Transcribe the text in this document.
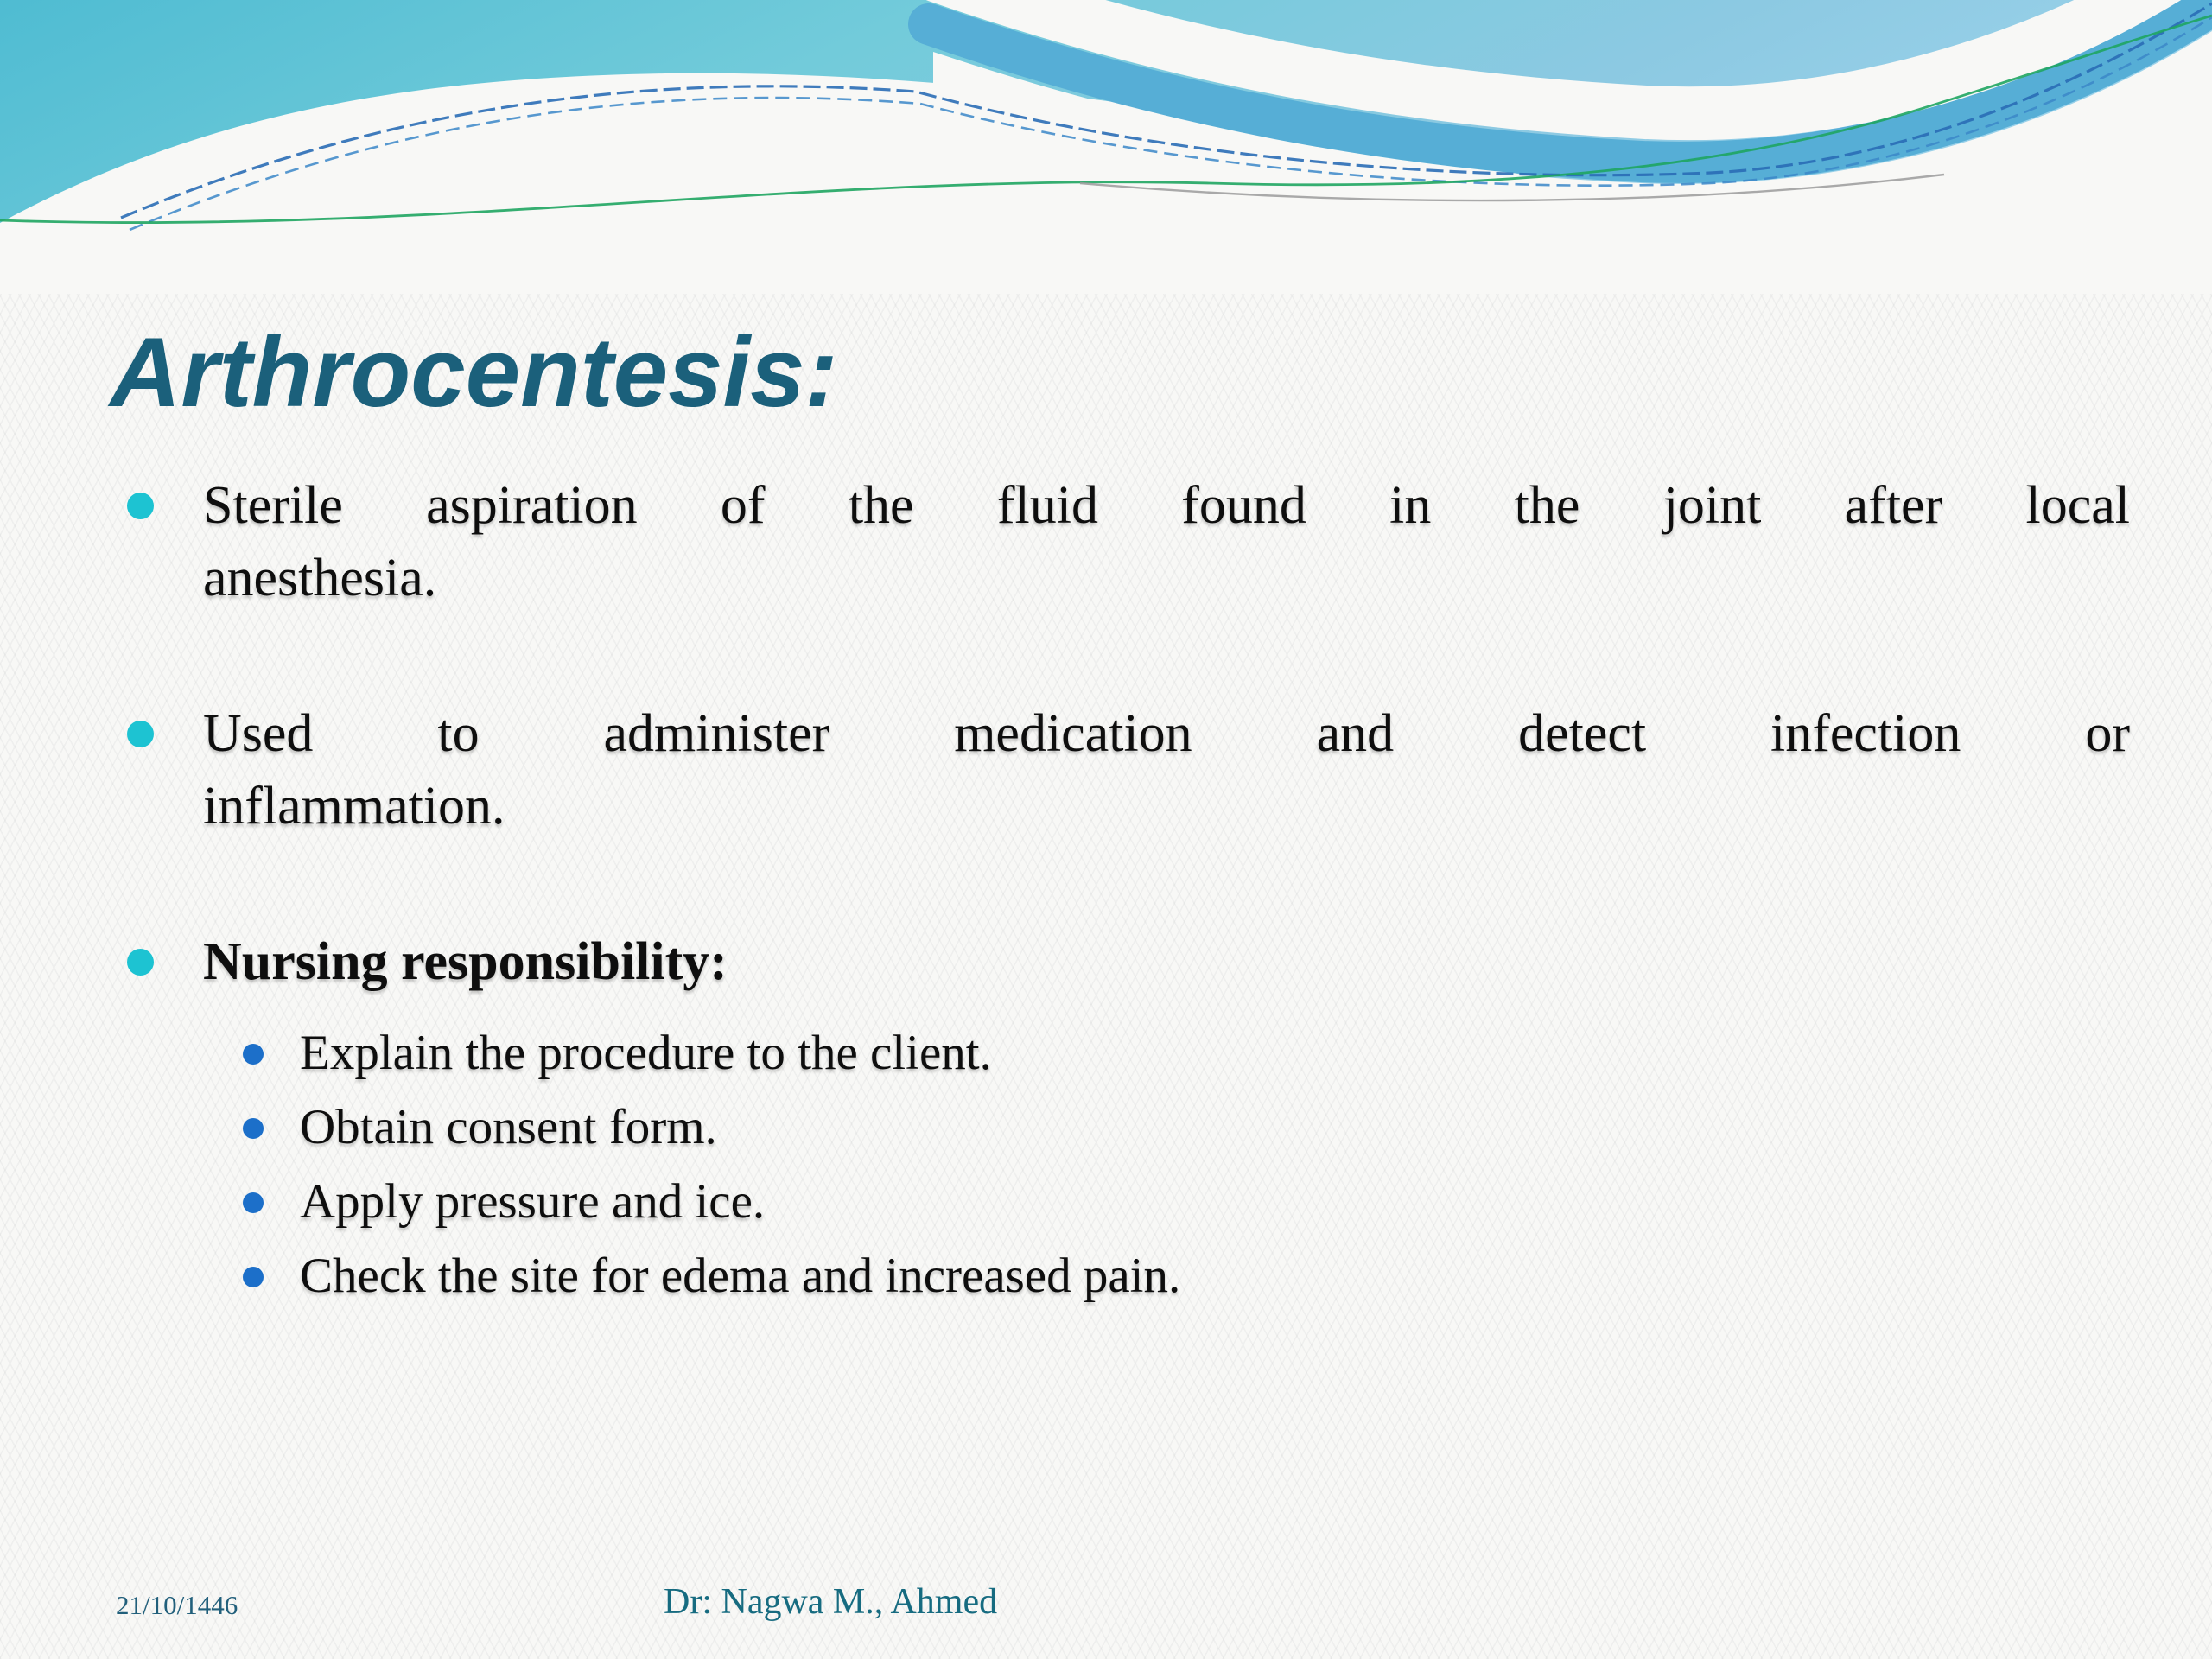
Arthrocentesis:
Sterile aspiration of the fluid found in the joint after local
anesthesia.
Used to administer medication and detect infection or
inflammation.
Nursing responsibility:
Explain the procedure to the client.
Obtain consent form.
Apply pressure and ice.
Check the site for edema and increased pain.
21/10/1446	Dr: Nagwa M., Ahmed
